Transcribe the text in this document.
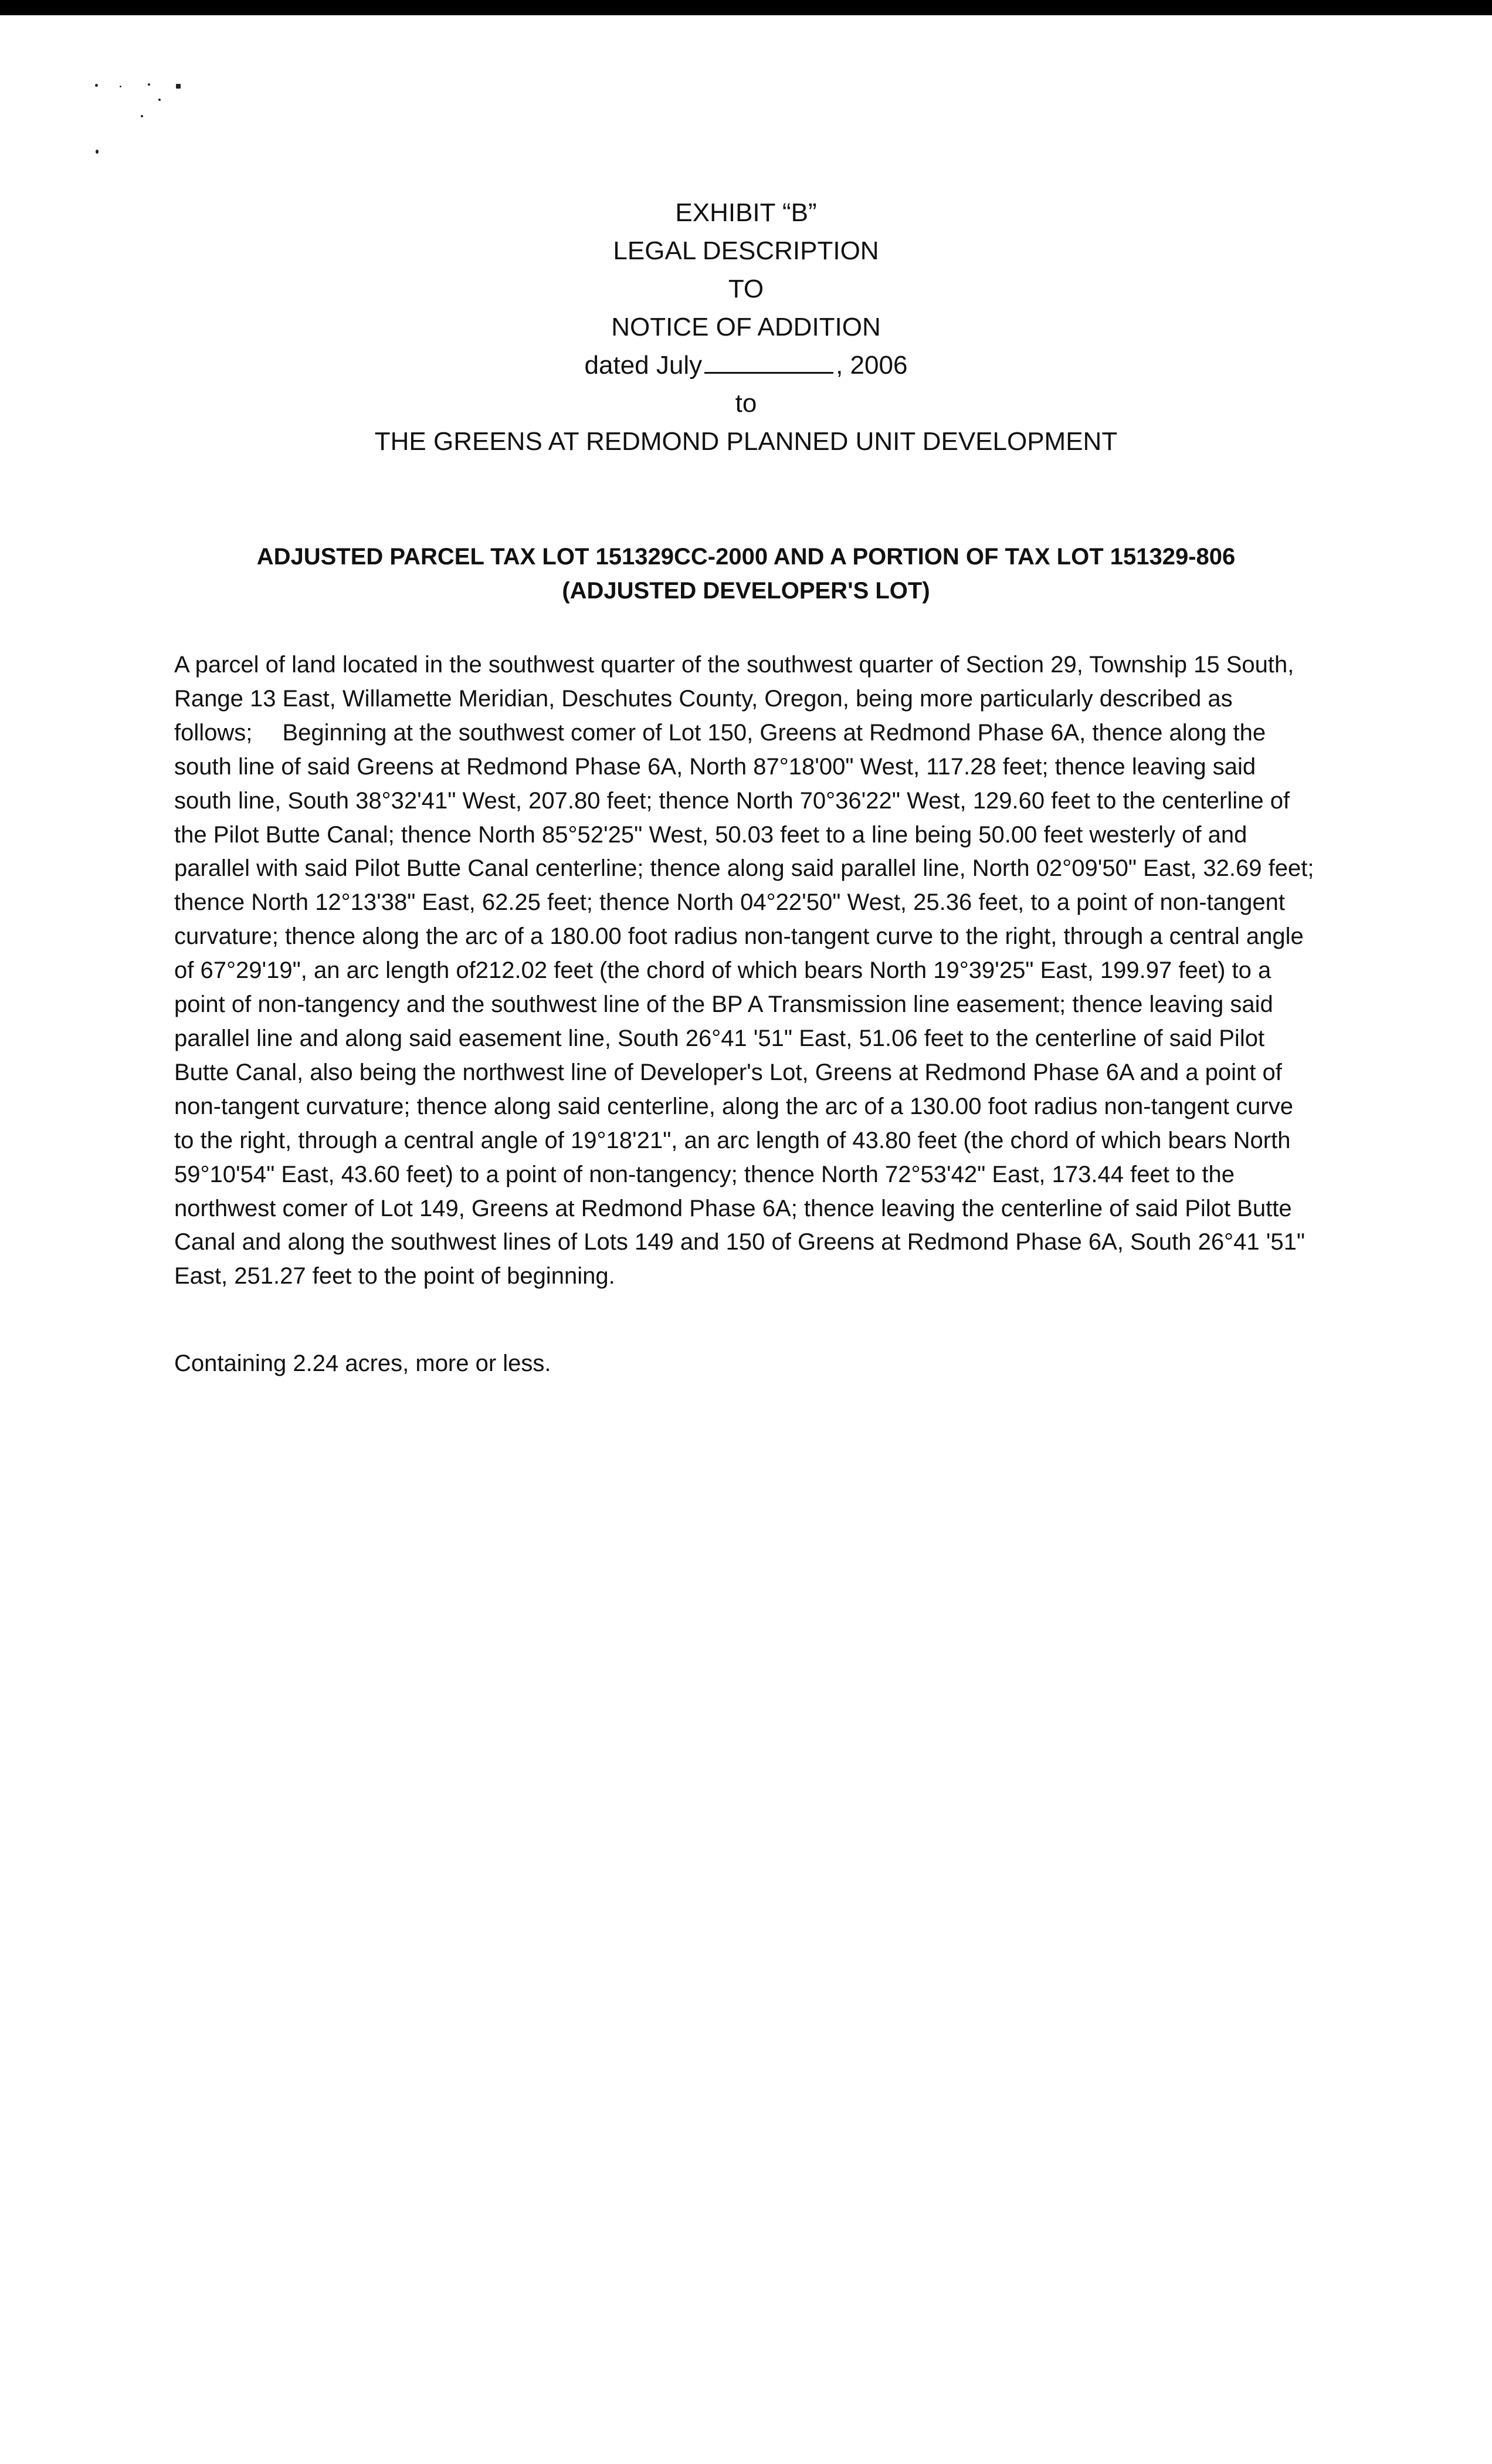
EXHIBIT “B”
LEGAL DESCRIPTION
TO
NOTICE OF ADDITION
dated July	, 2006
to
THE GREENS AT REDMOND PLANNED UNIT DEVELOPMENT
ADJUSTED PARCEL TAX LOT 151329CC-2000 AND A PORTION OF TAX LOT 151329-806
(ADJUSTED DEVELOPER'S LOT)

A parcel of land located in the southwest quarter of the southwest quarter of Section 29, Township 15 South, Range 13 East, Willamette Meridian, Deschutes County, Oregon, being more particularly described as follows;  Beginning at the southwest comer of Lot 150, Greens at Redmond Phase 6A, thence along the south line of said Greens at Redmond Phase 6A, North 87°18'00" West, 117.28 feet; thence leaving said south line, South 38°32'41" West, 207.80 feet; thence North 70°36'22" West, 129.60 feet to the centerline of the Pilot Butte Canal; thence North 85°52'25" West, 50.03 feet to a line being 50.00 feet westerly of and parallel with said Pilot Butte Canal centerline; thence along said parallel line, North 02°09'50" East, 32.69 feet; thence North 12°13'38" East, 62.25 feet; thence North 04°22'50" West, 25.36 feet, to a point of non-tangent curvature; thence along the arc of a 180.00 foot radius non-tangent curve to the right, through a central angle of 67°29'19", an arc length of212.02 feet (the chord of which bears North 19°39'25" East, 199.97 feet) to a point of non-tangency and the southwest line of the BP A Transmission line easement; thence leaving said parallel line and along said easement line, South 26°41 '51" East, 51.06 feet to the centerline of said Pilot Butte Canal, also being the northwest line of Developer's Lot, Greens at Redmond Phase 6A and a point of non-tangent curvature; thence along said centerline, along the arc of a 130.00 foot radius non-tangent curve to the right, through a central angle of 19°18'21", an arc length of 43.80 feet (the chord of which bears North 59°10'54" East, 43.60 feet) to a point of non-tangency; thence North 72°53'42" East, 173.44 feet to the northwest comer of Lot 149, Greens at Redmond Phase 6A; thence leaving the centerline of said Pilot Butte Canal and along the southwest lines of Lots 149 and 150 of Greens at Redmond Phase 6A, South 26°41 '51" East, 251.27 feet to the point of beginning.

Containing 2.24 acres, more or less.
